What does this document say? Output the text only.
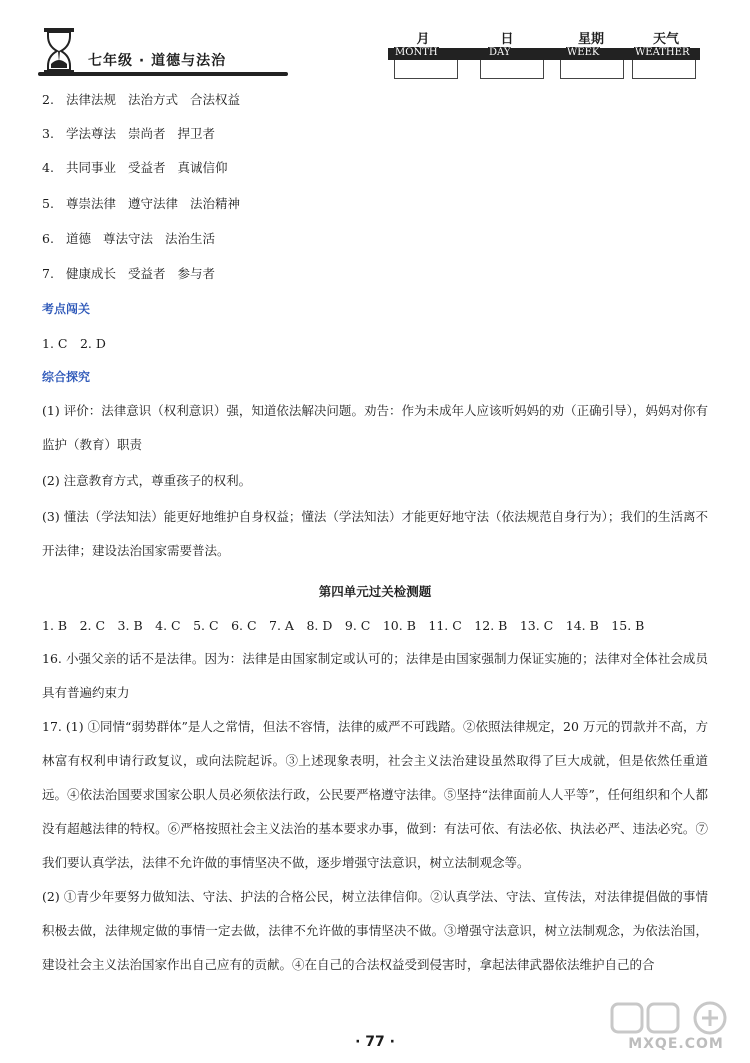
七年级 · 道德与法治
月	日	星期	天气
MONTH	DAY	WEEK	WEATHER
2. 法律法规 法治方式 合法权益
3. 学法尊法 崇尚者 捍卫者
4. 共同事业 受益者 真诚信仰
5. 尊崇法律 遵守法律 法治精神
6. 道德 尊法守法 法治生活
7. 健康成长 受益者 参与者
考点闯关
1. C　2. D
综合探究
(1) 评价：法律意识（权利意识）强，知道依法解决问题。劝告：作为未成年人应该听妈妈的劝（正确引导），妈妈对你有监护（教育）职责
(2) 注意教育方式，尊重孩子的权利。
(3) 懂法（学法知法）能更好地维护自身权益；懂法（学法知法）才能更好地守法（依法规范自身行为）；我们的生活离不开法律；建设法治国家需要普法。
第四单元过关检测题
1. B　2. C　3. B　4. C　5. C　6. C　7. A　8. D　9. C　10. B　11. C　12. B　13. C　14. B　15. B
16. 小强父亲的话不是法律。因为：法律是由国家制定或认可的；法律是由国家强制力保证实施的；法律对全体社会成员具有普遍约束力
17. (1) ①同情“弱势群体”是人之常情，但法不容情，法律的威严不可践踏。②依照法律规定，20 万元的罚款并不高，方林富有权利申请行政复议，或向法院起诉。③上述现象表明，社会主义法治建设虽然取得了巨大成就，但是依然任重道远。④依法治国要求国家公职人员必须依法行政，公民要严格遵守法律。⑤坚持“法律面前人人平等”，任何组织和个人都没有超越法律的特权。⑥严格按照社会主义法治的基本要求办事，做到：有法可依、有法必依、执法必严、违法必究。⑦我们要认真学法，法律不允许做的事情坚决不做，逐步增强守法意识，树立法制观念等。
(2) ①青少年要努力做知法、守法、护法的合格公民，树立法律信仰。②认真学法、守法、宣传法，对法律提倡做的事情积极去做，法律规定做的事情一定去做，法律不允许做的事情坚决不做。③增强守法意识，树立法制观念，为依法治国，建设社会主义法治国家作出自己应有的贡献。④在自己的合法权益受到侵害时，拿起法律武器依法维护自己的合
· 77 ·	MXQE.COM
